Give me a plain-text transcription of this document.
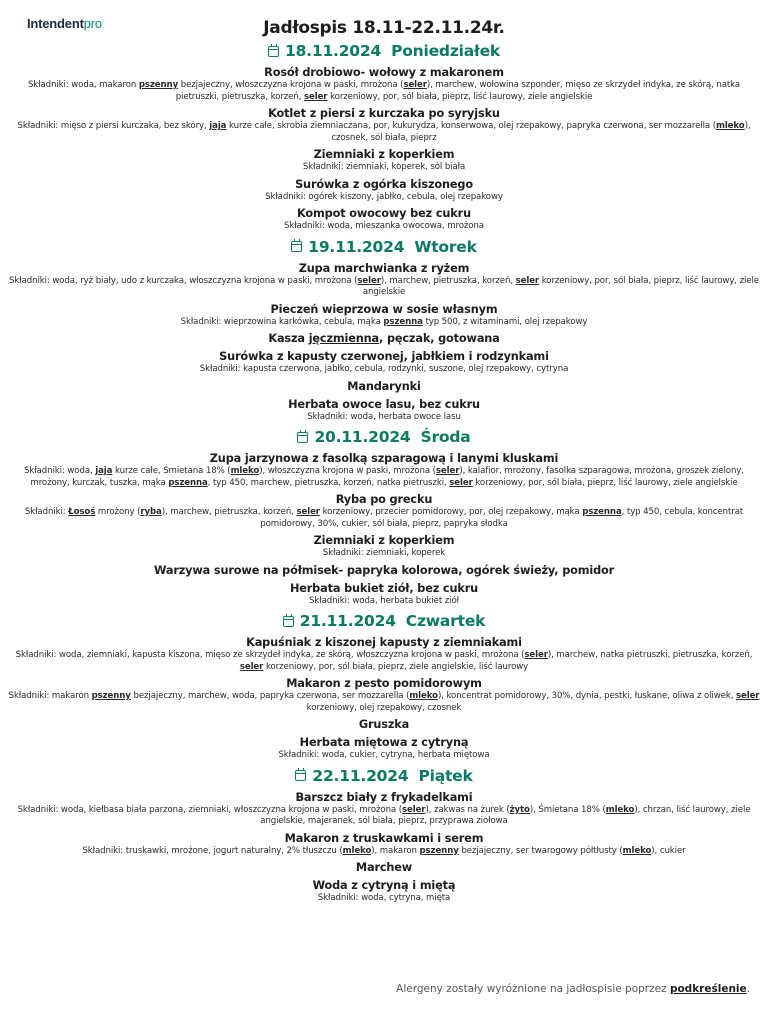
Intendentpro	Jadłospis 18.11-22.11.24r.
18.11.2024 Poniedziałek
Rosół drobiowo- wołowy z makaronem
Składniki: woda, makaron pszenny bezjajeczny, włoszczyzna krojona w paski, mrożona (seler), marchew, wołowina szponder, mięso ze skrzydeł indyka, ze skórą, natka pietruszki, pietruszka, korzeń, seler korzeniowy, por, sól biała, pieprz, liść laurowy, ziele angielskie
Kotlet z piersi z kurczaka po syryjsku
Składniki: mięso z piersi kurczaka, bez skóry, jaja kurze całe, skrobia ziemniaczana, por, kukurydza, konserwowa, olej rzepakowy, papryka czerwona, ser mozzarella (mleko), czosnek, sól biała, pieprz
Ziemniaki z koperkiem
Składniki: ziemniaki, koperek, sól biała
Surówka z ogórka kiszonego
Składniki: ogórek kiszony, jabłko, cebula, olej rzepakowy
Kompot owocowy bez cukru
Składniki: woda, mieszanka owocowa, mrożona
19.11.2024 Wtorek
Zupa marchwianka z ryżem
Składniki: woda, ryż biały, udo z kurczaka, włoszczyzna krojona w paski, mrożona (seler), marchew, pietruszka, korzeń, seler korzeniowy, por, sól biała, pieprz, liść laurowy, ziele angielskie
Pieczeń wieprzowa w sosie własnym
Składniki: wieprzowina karkówka, cebula, mąka pszenna typ 500, z witaminami, olej rzepakowy
Kasza jęczmienna, pęczak, gotowana
Surówka z kapusty czerwonej, jabłkiem i rodzynkami
Składniki: kapusta czerwona, jabłko, cebula, rodzynki, suszone, olej rzepakowy, cytryna
Mandarynki
Herbata owoce lasu, bez cukru
Składniki: woda, herbata owoce lasu
20.11.2024 Środa
Zupa jarzynowa z fasolką szparagową i lanymi kluskami
Składniki: woda, jaja kurze całe, Śmietana 18% (mleko), włoszczyzna krojona w paski, mrożona (seler), kalafior, mrożony, fasolka szparagowa, mrożona, groszek zielony, mrożony, kurczak, tuszka, mąka pszenna, typ 450, marchew, pietruszka, korzeń, natka pietruszki, seler korzeniowy, por, sól biała, pieprz, liść laurowy, ziele angielskie
Ryba po grecku
Składniki: Łosoś mrożony (ryba), marchew, pietruszka, korzeń, seler korzeniowy, przecier pomidorowy, por, olej rzepakowy, mąka pszenna, typ 450, cebula, koncentrat pomidorowy, 30%, cukier, sól biała, pieprz, papryka słodka
Ziemniaki z koperkiem
Składniki: ziemniaki, koperek
Warzywa surowe na półmisek- papryka kolorowa, ogórek świeży, pomidor
Herbata bukiet ziół, bez cukru
Składniki: woda, herbata bukiet ziół
21.11.2024 Czwartek
Kapuśniak z kiszonej kapusty z ziemniakami
Składniki: woda, ziemniaki, kapusta kiszona, mięso ze skrzydeł indyka, ze skórą, włoszczyzna krojona w paski, mrożona (seler), marchew, natka pietruszki, pietruszka, korzeń, seler korzeniowy, por, sól biała, pieprz, ziele angielskie, liść laurowy
Makaron z pesto pomidorowym
Składniki: makaron pszenny bezjajeczny, marchew, woda, papryka czerwona, ser mozzarella (mleko), koncentrat pomidorowy, 30%, dynia, pestki, łuskane, oliwa z oliwek, seler korzeniowy, olej rzepakowy, czosnek
Gruszka
Herbata miętowa z cytryną
Składniki: woda, cukier, cytryna, herbata miętowa
22.11.2024 Piątek
Barszcz biały z frykadelkami
Składniki: woda, kiełbasa biała parzona, ziemniaki, włoszczyzna krojona w paski, mrożona (seler), zakwas na żurek (żyto), Śmietana 18% (mleko), chrzan, liść laurowy, ziele angielskie, majeranek, sól biała, pieprz, przyprawa ziołowa
Makaron z truskawkami i serem
Składniki: truskawki, mrożone, jogurt naturalny, 2% tłuszczu (mleko), makaron pszenny bezjajeczny, ser twarogowy półtłusty (mleko), cukier
Marchew
Woda z cytryną i miętą
Składniki: woda, cytryna, mięta
Alergeny zostały wyróżnione na jadłospisie poprzez podkreślenie.
